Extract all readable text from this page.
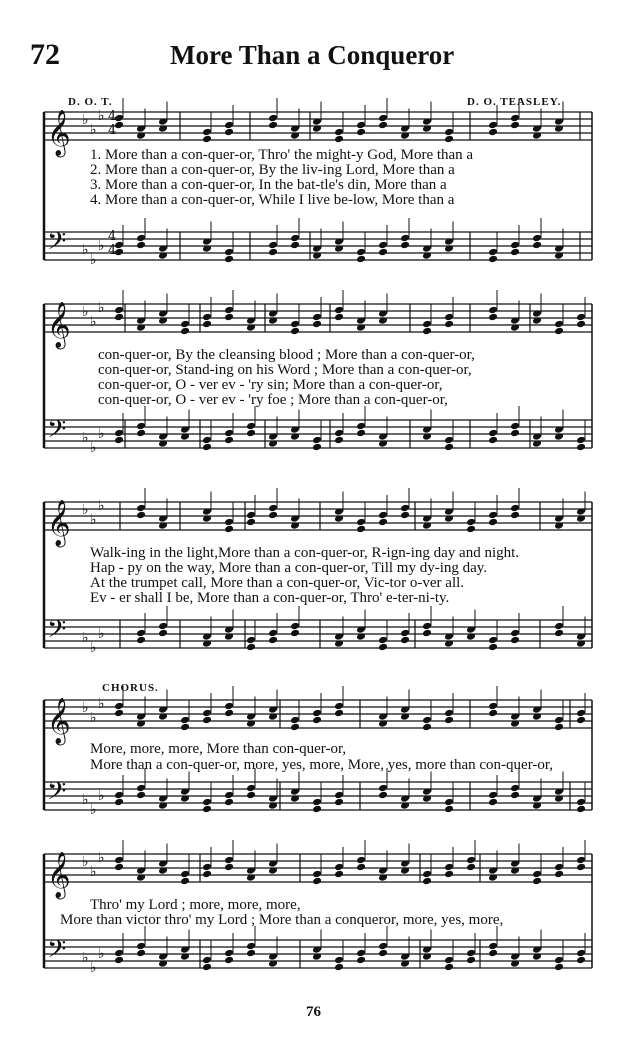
72	More Than a Conqueror
D. O. T.	D. O. TEASLEY.
𝄞
𝄢
♭
♭
♭
♭
♭
♭
𝄞
𝄢
♭
♭
♭
♭
♭
♭
𝄞
𝄢
♭
♭
♭
♭
♭
♭
𝄞
𝄢
♭
♭
♭
♭
♭
♭
𝄞
𝄢
♭
♭
♭
♭
♭
♭
4
4
4
4
1. More than a con-quer-or, Thro' the might-y God, More than a
2. More than a con-quer-or, By the liv-ing Lord, More than a
3. More than a con-quer-or, In the bat-tle's din, More than a
4. More than a con-quer-or, While I live be-low, More than a
con-quer-or, By the cleansing blood ; More than a con-quer-or,
con-quer-or, Stand-ing on his Word ; More than a con-quer-or,
con-quer-or, O - ver ev - 'ry sin; More than a con-quer-or,
con-quer-or, O - ver ev - 'ry foe ; More than a con-quer-or,
Walk-ing in the light,More than a con-quer-or, R-ign-ing day and night.
Hap - py on the way, More than a con-quer-or, Till my dy-ing day.
At the trumpet call, More than a con-quer-or, Vic-tor o-ver all.
Ev - er shall I be, More than a con-quer-or, Thro' e-ter-ni-ty.
CHORUS.
More, more, more, More than con-quer-or,
More than a con-quer-or, more, yes, more, More, yes, more than con-quer-or,
Thro' my Lord ; more, more, more,
More than victor thro' my Lord ; More than a conqueror, more, yes, more,
76
